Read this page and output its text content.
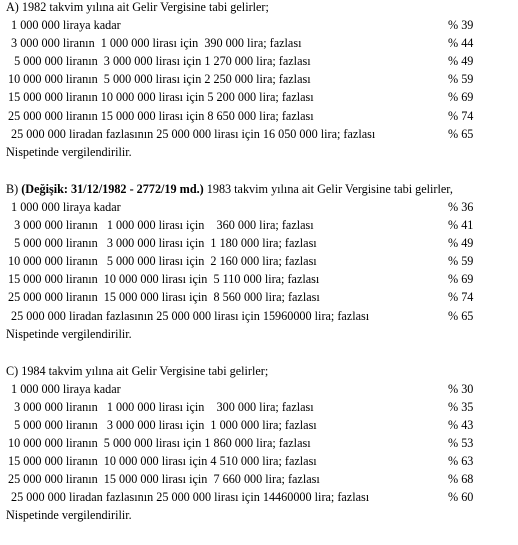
A) 1982 takvim yılına ait Gelir Vergisine tabi gelirler;
1 000 000 liraya kadar	% 39
3 000 000 liranın  1 000 000 lirası için  390 000 lira; fazlası	% 44
5 000 000 liranın  3 000 000 lirası için 1 270 000 lira; fazlası	% 49
10 000 000 liranın  5 000 000 lirası için 2 250 000 lira; fazlası	% 59
15 000 000 liranın 10 000 000 lirası için 5 200 000 lira; fazlası	% 69
25 000 000 liranın 15 000 000 lirası için 8 650 000 lira; fazlası	% 74
25 000 000 liradan fazlasının 25 000 000 lirası için 16 050 000 lira; fazlası	% 65
Nispetinde vergilendirilir.
B) (Değişik: 31/12/1982 - 2772/19 md.) 1983 takvim yılına ait Gelir Vergisine tabi gelirler,
1 000 000 liraya kadar	% 36
3 000 000 liranın   1 000 000 lirası için    360 000 lira; fazlası	% 41
5 000 000 liranın   3 000 000 lirası için  1 180 000 lira; fazlası	% 49
10 000 000 liranın   5 000 000 lirası için  2 160 000 lira; fazlası	% 59
15 000 000 liranın  10 000 000 lirası için  5 110 000 lira; fazlası	% 69
25 000 000 liranın  15 000 000 lirası için  8 560 000 lira; fazlası	% 74
25 000 000 liradan fazlasının 25 000 000 lirası için 15960000 lira; fazlası	% 65
Nispetinde vergilendirilir.
C) 1984 takvim yılına ait Gelir Vergisine tabi gelirler;
1 000 000 liraya kadar	% 30
3 000 000 liranın   1 000 000 lirası için    300 000 lira; fazlası	% 35
5 000 000 liranın   3 000 000 lirası için  1 000 000 lira; fazlası	% 43
10 000 000 liranın  5 000 000 lirası için 1 860 000 lira; fazlası	% 53
15 000 000 liranın  10 000 000 lirası için 4 510 000 lira; fazlası	% 63
25 000 000 liranın  15 000 000 lirası için  7 660 000 lira; fazlası	% 68
25 000 000 liradan fazlasının 25 000 000 lirası için 14460000 lira; fazlası	% 60
Nispetinde vergilendirilir.
